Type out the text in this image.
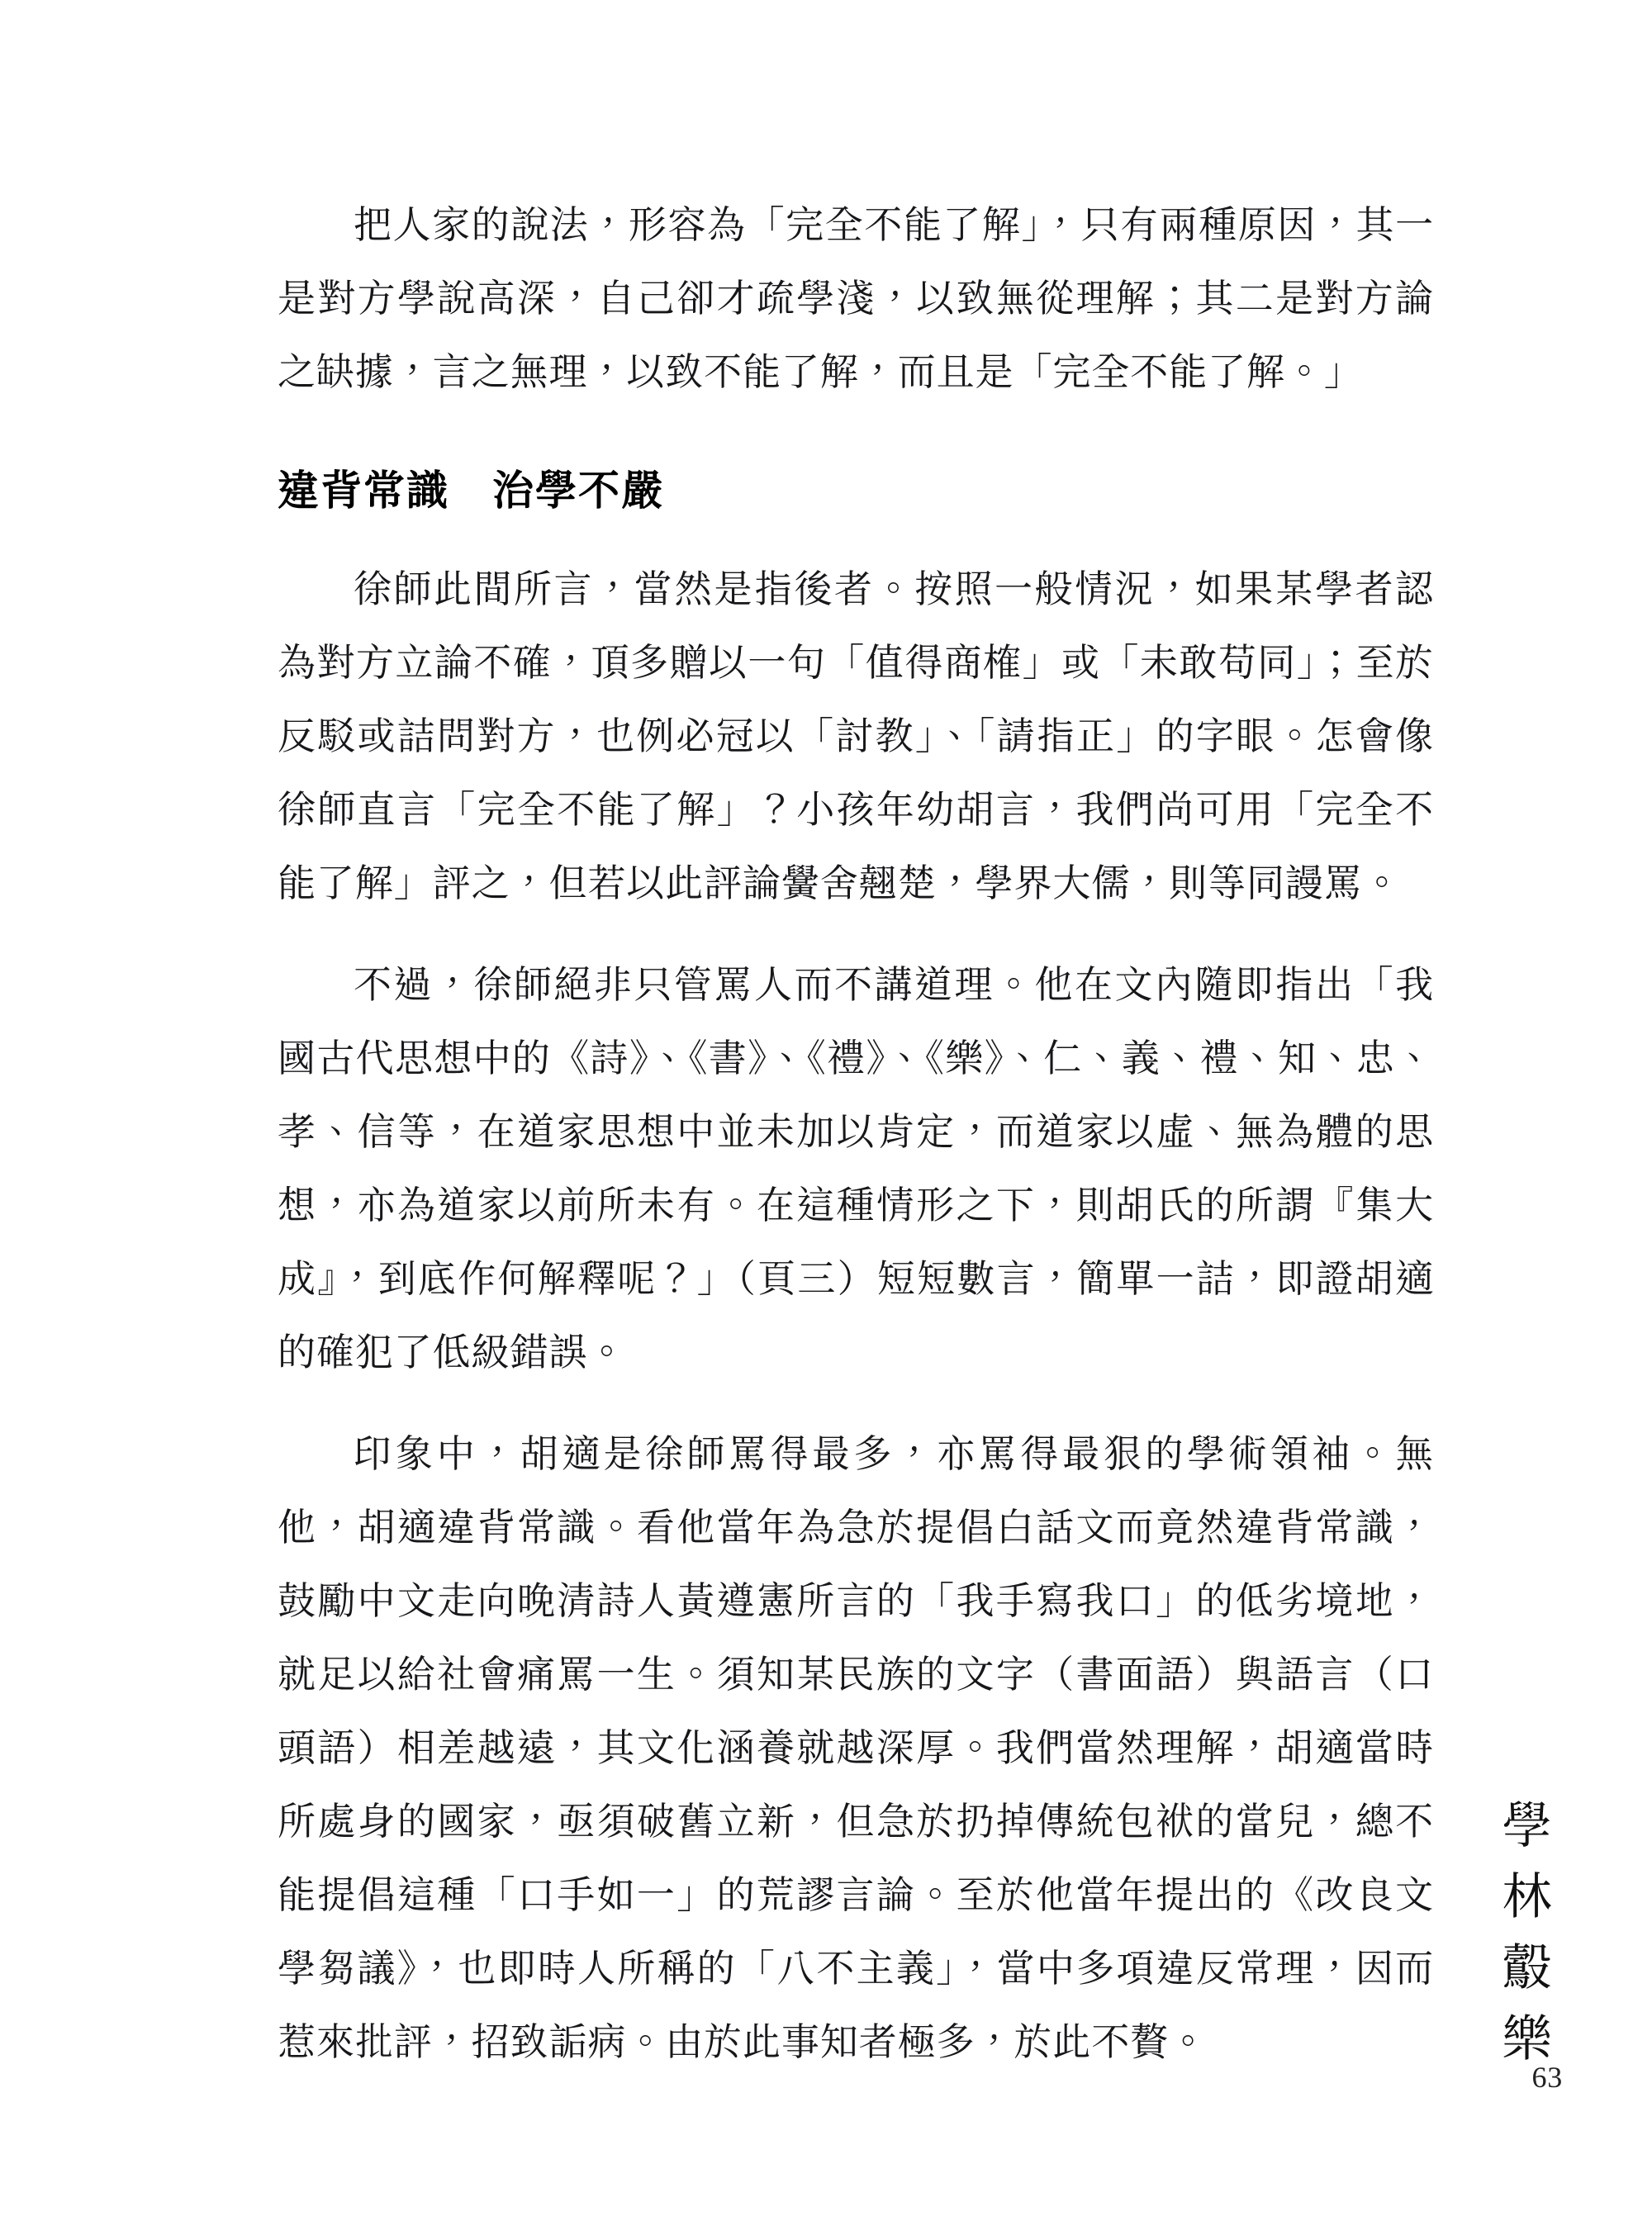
把人家的說法，形容為「完全不能了解」，只有兩種原因，其一是對方學說高深，自己卻才疏學淺，以致無從理解；其二是對方論之缺據，言之無理，以致不能了解，而且是「完全不能了解。」

違背常識　治學不嚴

徐師此間所言，當然是指後者。按照一般情況，如果某學者認為對方立論不確，頂多贈以一句「值得商榷」或「未敢苟同」；至於反駁或詰問對方，也例必冠以「討教」、「請指正」的字眼。怎會像徐師直言「完全不能了解」？小孩年幼胡言，我們尚可用「完全不能了解」評之，但若以此評論黌舍翹楚，學界大儒，則等同謾罵。

不過，徐師絕非只管罵人而不講道理。他在文內隨即指出「我國古代思想中的《詩》、《書》、《禮》、《樂》、仁、義、禮、知、忠、孝、信等，在道家思想中並未加以肯定，而道家以虛、無為體的思想，亦為道家以前所未有。在這種情形之下，則胡氏的所謂『集大成』，到底作何解釋呢？」（頁三）短短數言，簡單一詰，即證胡適的確犯了低級錯誤。

印象中，胡適是徐師罵得最多，亦罵得最狠的學術領袖。無他，胡適違背常識。看他當年為急於提倡白話文而竟然違背常識，鼓勵中文走向晚清詩人黃遵憲所言的「我手寫我口」的低劣境地，就足以給社會痛罵一生。須知某民族的文字（書面語）與語言（口頭語）相差越遠，其文化涵養就越深厚。我們當然理解，胡適當時所處身的國家，亟須破舊立新，但急於扔掉傳統包袱的當兒，總不能提倡這種「口手如一」的荒謬言論。至於他當年提出的《改良文學芻議》，也即時人所稱的「八不主義」，當中多項違反常理，因而惹來批評，招致詬病。由於此事知者極多，於此不贅。

學
林
鷇
樂
63
